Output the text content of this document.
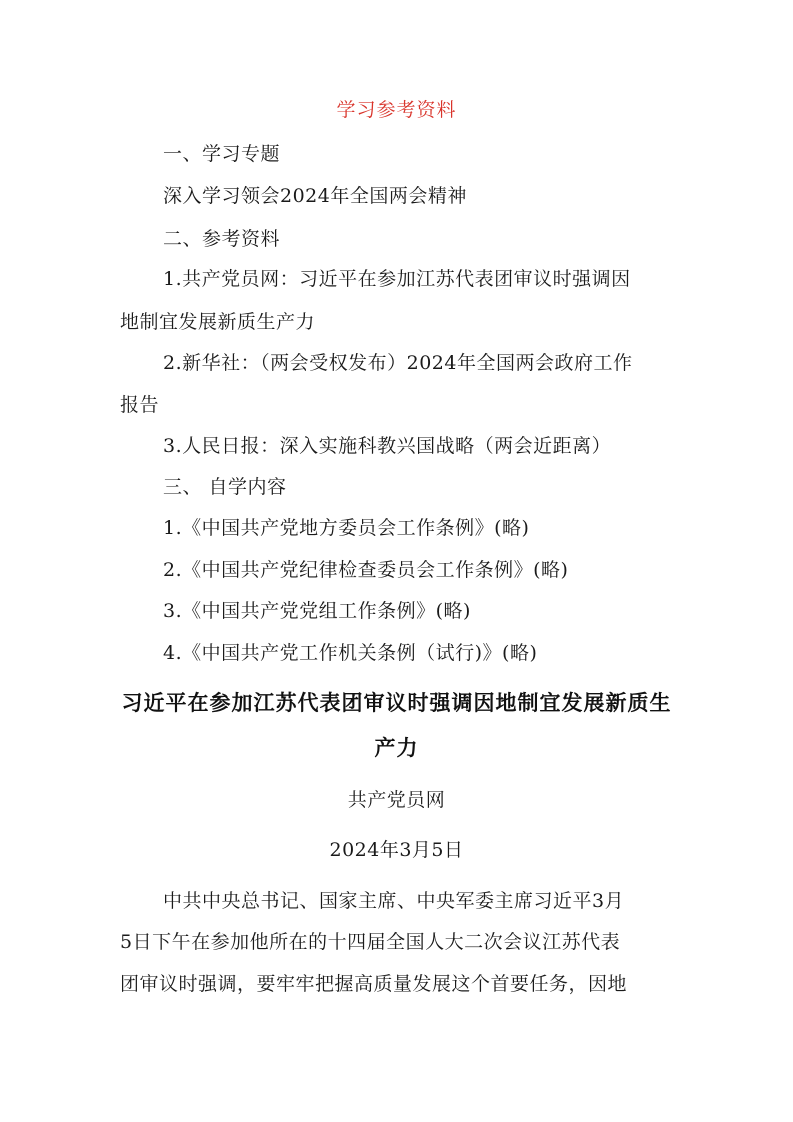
学习参考资料
一、学习专题
深入学习领会2024年全国两会精神
二、参考资料
1.共产党员网：习近平在参加江苏代表团审议时强调因
地制宜发展新质生产力
2.新华社：（两会受权发布）2024年全国两会政府工作
报告
3.人民日报：深入实施科教兴国战略（两会近距离）
三、 自学内容
1.《中国共产党地方委员会工作条例》(略)
2.《中国共产党纪律检查委员会工作条例》(略)
3.《中国共产党党组工作条例》(略)
4.《中国共产党工作机关条例（试行)》(略)
习近平在参加江苏代表团审议时强调因地制宜发展新质生
产力
共产党员网
2024年3月5日
中共中央总书记、国家主席、中央军委主席习近平3月
5日下午在参加他所在的十四届全国人大二次会议江苏代表
团审议时强调，要牢牢把握高质量发展这个首要任务，因地
